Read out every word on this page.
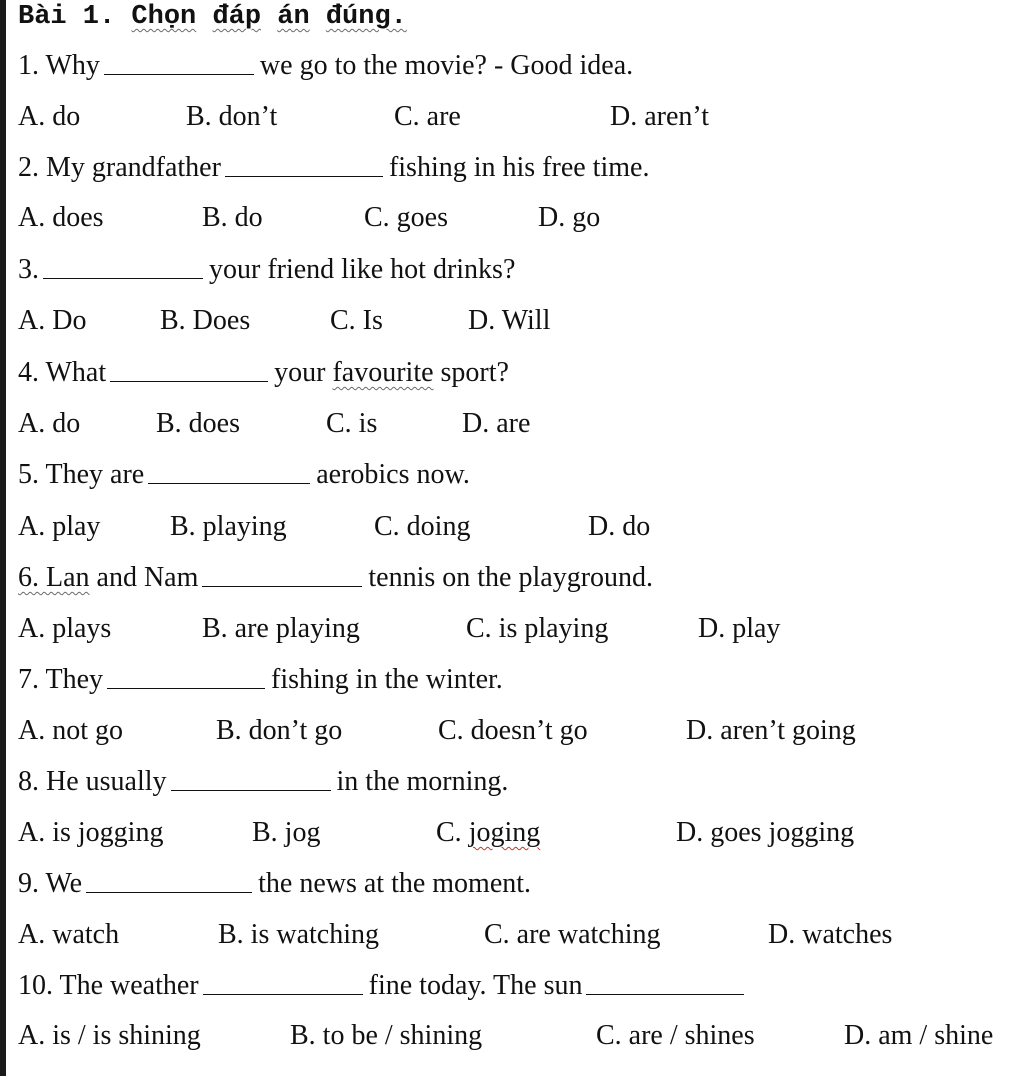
Bài 1. Chọn đáp án đúng.
1. Why	we go to the movie? - Good idea.
A. do	B. don’t	C. are	D. aren’t
2. My grandfather	fishing in his free time.
A. does	B. do	C. goes	D. go
3.	your friend like hot drinks?
A. Do	B. Does	C. Is	D. Will
4. What	your favourite sport?
A. do	B. does	C. is	D. are
5. They are	aerobics now.
A. play B. playing	C. doing	D. do
6. Lan and Nam	tennis on the playground.
A. plays	B. are playing	C. is playing	D. play
7. They	fishing in the winter.
A. not go	B. don’t go	C. doesn’t go	D. aren’t going
8. He usually	in the morning.
A. is jogging	B. jog	C. joging	D. goes jogging
9. We	the news at the moment.
A. watch	B. is watching	C. are watching	D. watches
10. The weather	fine today. The sun
A. is / is shining	B. to be / shining	C. are / shines	D. am / shine
